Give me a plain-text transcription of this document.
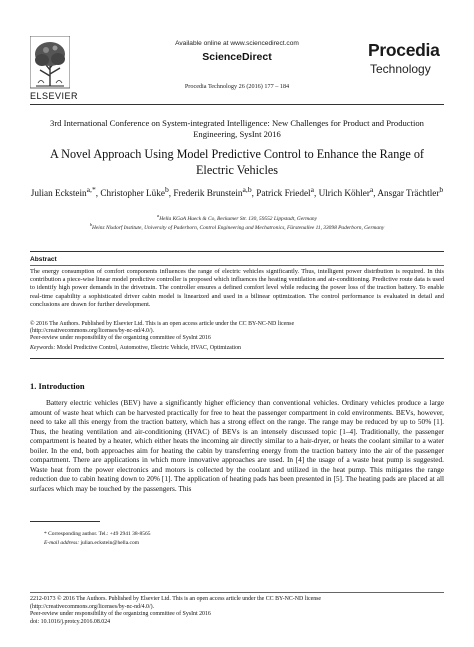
ELSEVIER
Available online at www.sciencedirect.com
ScienceDirect
Procedia Technology 26 (2016) 177 – 184
Procedia
Technology
3rd International Conference on System-integrated Intelligence: New Challenges for Product and Production Engineering, SysInt 2016
A Novel Approach Using Model Predictive Control to Enhance the Range of Electric Vehicles
Julian Eckstein$^{a,*}$, Christopher Lüke$^b$, Frederik Brunstein$^{a,b}$, Patrick Friedel$^a$, Ulrich Köhler$^a$, Ansgar Trächtler$^b$
$^a$Hella KGaA Hueck & Co, Beckumer Str. 130, 59552 Lippstadt, Germany
$^b$Heinz Nixdorf Institute, University of Paderborn, Control Engineering and Mechatronics, Fürstenallee 11, 33098 Paderborn, Germany
Abstract
The energy consumption of comfort components influences the range of electric vehicles significantly. Thus, intelligent power distribution is required. In this contribution a piece-wise linear model predictive controller is proposed which influences the heating ventilation and air-conditioning. Predictive route data is used to identify high power demands in the drivetrain. The controller ensures a defined comfort level while reducing the power loss of the traction battery. To enable real-time capability a sophisticated driver cabin model is linearized and used in a bilinear optimization. The control performance is evaluated in detail and conclusions are drawn for further development.
© 2016 The Authors. Published by Elsevier Ltd. This is an open access article under the CC BY-NC-ND license
(http://creativecommons.org/licenses/by-nc-nd/4.0/).
Peer-review under responsibility of the organizing committee of SysInt 2016
Keywords: Model Predictive Control, Automotive, Electric Vehicle, HVAC, Optimization
1. Introduction
Battery electric vehicles (BEV) have a significantly higher efficiency than conventional vehicles. Ordinary vehicles produce a large amount of waste heat which can be harvested practically for free to heat the passenger compartment in cold environments. BEVs, however, need to take all this energy from the traction battery, which has a strong effect on the range. The range may be reduced by up to 50% [1]. Thus, the heating ventilation and air-conditioning (HVAC) of BEVs is an intensely discussed topic [1–4]. Traditionally, the passenger compartment is heated by a heater, which either heats the incoming air directly similar to a hair-dryer, or heats the coolant similar to a water boiler. In the end, both approaches aim for heating the cabin by transferring energy from the traction battery into the air of the passenger compartment. There are applications in which more innovative approaches are used. In [4] the usage of a waste heat pump is suggested. Waste heat from the power electronics and motors is collected by the coolant and utilized in the heat pump. This mitigates the range reduction due to cabin heating down to 20% [1]. The application of heating pads has been presented in [5]. The heating pads are placed at all surfaces which may be touched by the passengers. This
* Corresponding author. Tel.: +49 2941 38-8565
E-mail address: julian.eckstein@hella.com
2212-0173 © 2016 The Authors. Published by Elsevier Ltd. This is an open access article under the CC BY-NC-ND license
(http://creativecommons.org/licenses/by-nc-nd/4.0/).
Peer-review under responsibility of the organizing committee of SysInt 2016
doi: 10.1016/j.protcy.2016.08.024
